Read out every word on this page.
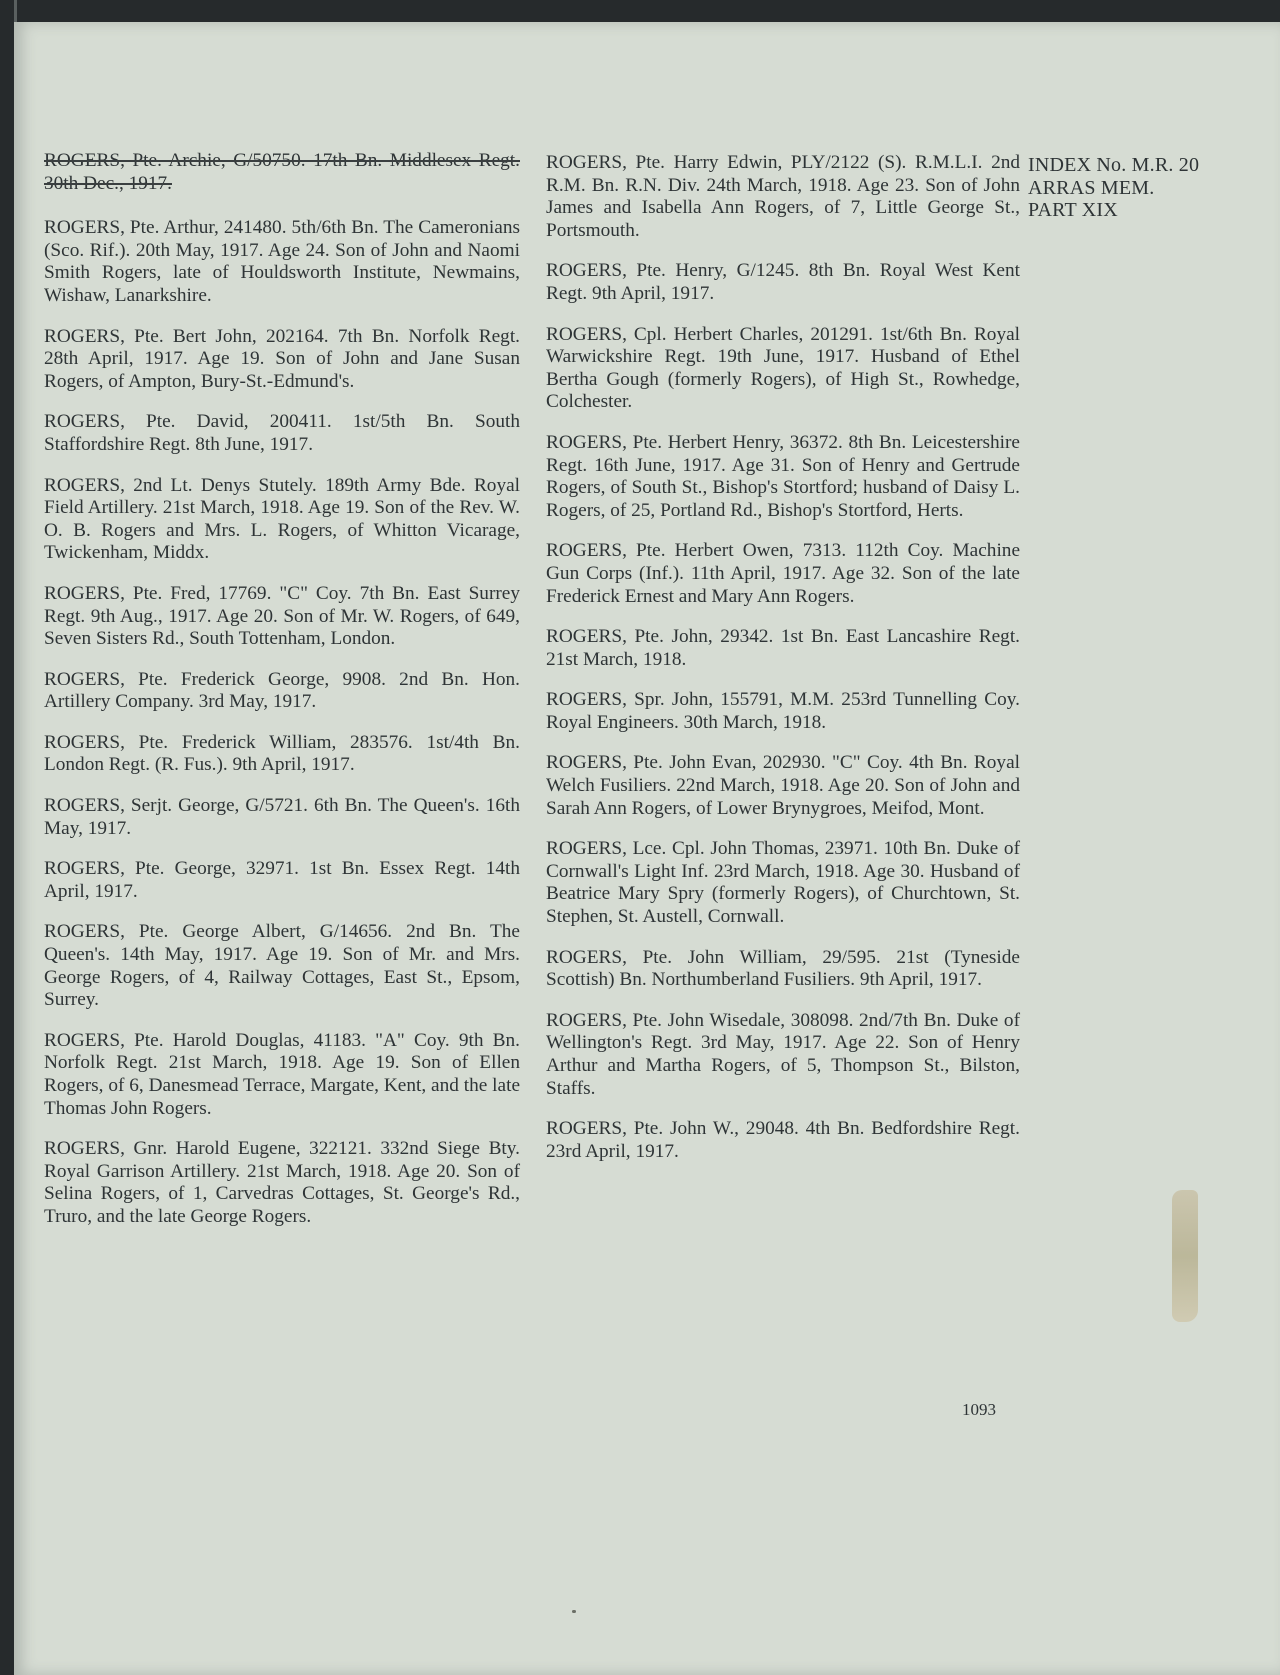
ROGERS, Pte. Archie, G/50750. 17th Bn. Middlesex Regt. 30th Dec., 1917.

ROGERS, Pte. Arthur, 241480. 5th/6th Bn. The Cameronians (Sco. Rif.). 20th May, 1917. Age 24. Son of John and Naomi Smith Rogers, late of Houldsworth Institute, Newmains, Wishaw, Lanarkshire.

ROGERS, Pte. Bert John, 202164. 7th Bn. Norfolk Regt. 28th April, 1917. Age 19. Son of John and Jane Susan Rogers, of Ampton, Bury-St.-Edmund's.

ROGERS, Pte. David, 200411. 1st/5th Bn. South Staffordshire Regt. 8th June, 1917.

ROGERS, 2nd Lt. Denys Stutely. 189th Army Bde. Royal Field Artillery. 21st March, 1918. Age 19. Son of the Rev. W. O. B. Rogers and Mrs. L. Rogers, of Whitton Vicarage, Twickenham, Middx.

ROGERS, Pte. Fred, 17769. "C" Coy. 7th Bn. East Surrey Regt. 9th Aug., 1917. Age 20. Son of Mr. W. Rogers, of 649, Seven Sisters Rd., South Tottenham, London.

ROGERS, Pte. Frederick George, 9908. 2nd Bn. Hon. Artillery Company. 3rd May, 1917.

ROGERS, Pte. Frederick William, 283576. 1st/4th Bn. London Regt. (R. Fus.). 9th April, 1917.

ROGERS, Serjt. George, G/5721. 6th Bn. The Queen's. 16th May, 1917.

ROGERS, Pte. George, 32971. 1st Bn. Essex Regt. 14th April, 1917.

ROGERS, Pte. George Albert, G/14656. 2nd Bn. The Queen's. 14th May, 1917. Age 19. Son of Mr. and Mrs. George Rogers, of 4, Railway Cottages, East St., Epsom, Surrey.

ROGERS, Pte. Harold Douglas, 41183. "A" Coy. 9th Bn. Norfolk Regt. 21st March, 1918. Age 19. Son of Ellen Rogers, of 6, Danesmead Terrace, Margate, Kent, and the late Thomas John Rogers.

ROGERS, Gnr. Harold Eugene, 322121. 332nd Siege Bty. Royal Garrison Artillery. 21st March, 1918. Age 20. Son of Selina Rogers, of 1, Carvedras Cottages, St. George's Rd., Truro, and the late George Rogers.

ROGERS, Pte. Harry Edwin, PLY/2122 (S). R.M.L.I. 2nd R.M. Bn. R.N. Div. 24th March, 1918. Age 23. Son of John James and Isabella Ann Rogers, of 7, Little George St., Portsmouth.

ROGERS, Pte. Henry, G/1245. 8th Bn. Royal West Kent Regt. 9th April, 1917.

ROGERS, Cpl. Herbert Charles, 201291. 1st/6th Bn. Royal Warwickshire Regt. 19th June, 1917. Husband of Ethel Bertha Gough (formerly Rogers), of High St., Rowhedge, Colchester.

ROGERS, Pte. Herbert Henry, 36372. 8th Bn. Leicestershire Regt. 16th June, 1917. Age 31. Son of Henry and Gertrude Rogers, of South St., Bishop's Stortford; husband of Daisy L. Rogers, of 25, Portland Rd., Bishop's Stortford, Herts.

ROGERS, Pte. Herbert Owen, 7313. 112th Coy. Machine Gun Corps (Inf.). 11th April, 1917. Age 32. Son of the late Frederick Ernest and Mary Ann Rogers.

ROGERS, Pte. John, 29342. 1st Bn. East Lancashire Regt. 21st March, 1918.

ROGERS, Spr. John, 155791, M.M. 253rd Tunnelling Coy. Royal Engineers. 30th March, 1918.

ROGERS, Pte. John Evan, 202930. "C" Coy. 4th Bn. Royal Welch Fusiliers. 22nd March, 1918. Age 20. Son of John and Sarah Ann Rogers, of Lower Brynygroes, Meifod, Mont.

ROGERS, Lce. Cpl. John Thomas, 23971. 10th Bn. Duke of Cornwall's Light Inf. 23rd March, 1918. Age 30. Husband of Beatrice Mary Spry (formerly Rogers), of Churchtown, St. Stephen, St. Austell, Cornwall.

ROGERS, Pte. John William, 29/595. 21st (Tyneside Scottish) Bn. Northumberland Fusiliers. 9th April, 1917.

ROGERS, Pte. John Wisedale, 308098. 2nd/7th Bn. Duke of Wellington's Regt. 3rd May, 1917. Age 22. Son of Henry Arthur and Martha Rogers, of 5, Thompson St., Bilston, Staffs.

ROGERS, Pte. John W., 29048. 4th Bn. Bedfordshire Regt. 23rd April, 1917.

INDEX No. M.R. 20
ARRAS MEM.
PART XIX
1093
